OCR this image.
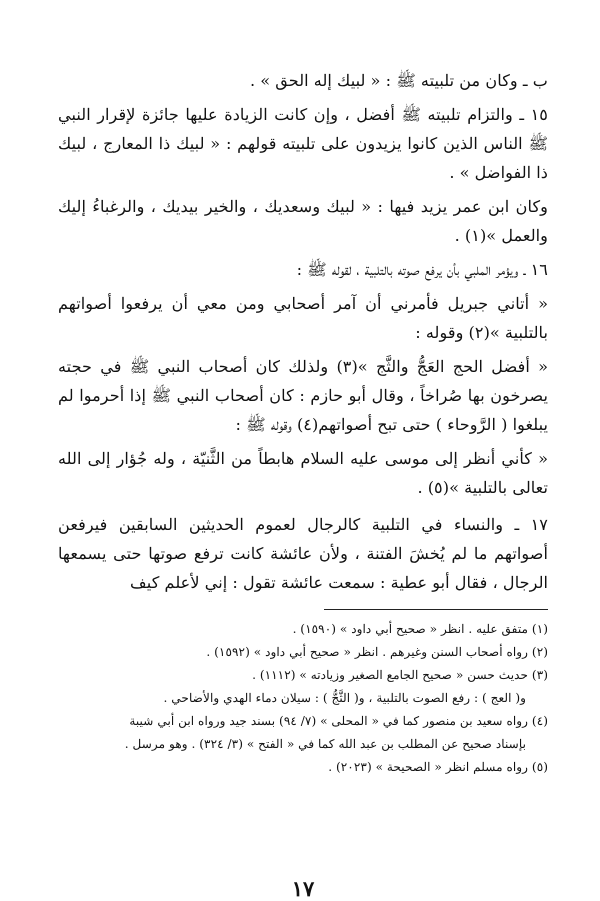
ب ـ وكان من تلبيته ﷺ : « لبيك إله الحق » .

١٥ ـ والتزام تلبيته ﷺ أفضل ، وإن كانت الزيادة عليها جائزة لإقرار النبي ﷺ الناس الذين كانوا يزيدون على تلبيته قولهم : « لبيك ذا المعارج ، لبيك ذا الفواضل » .

وكان ابن عمر يزيد فيها : « لبيك وسعديك ، والخير بيديك ، والرغباءُ إليك والعمل »(١) .

١٦ ـ ويؤمر الملبي بأن يرفع صوته بالتلبية ، لقوله ﷺ :

« أتاني جبريل فأمرني أن آمر أصحابي ومن معي أن يرفعوا أصواتهم بالتلبية »(٢) وقوله :

« أفضل الحج العَجُّ والثَّج »(٣) ولذلك كان أصحاب النبي ﷺ في حجته يصرخون بها صُراخاً ، وقال أبو حازم : كان أصحاب النبي ﷺ إذا أحرموا لم يبلغوا ( الرَّوحاء ) حتى تبح أصواتهم(٤) وقوله ﷺ :

« كأني أنظر إلى موسى عليه السلام هابطاً من الثَّنيّة ، وله جُؤار إلى الله تعالى بالتلبية »(٥) .

١٧ ـ والنساء في التلبية كالرجال لعموم الحديثين السابقين فيرفعن أصواتهم ما لم يُخشَ الفتنة ، ولأن عائشة كانت ترفع صوتها حتى يسمعها الرجال ، فقال أبو عطية : سمعت عائشة تقول : إني لأعلم كيف

(١) متفق عليه . انظر « صحيح أبي داود » (١٥٩٠) .

(٢) رواه أصحاب السنن وغيرهم . انظر « صحيح أبي داود » (١٥٩٢) .

(٣) حديث حسن « صحيح الجامع الصغير وزيادته » (١١١٢) .

و( العج ) : رفع الصوت بالتلبية ، و( الثَّجُّ ) : سيلان دماء الهدي والأضاحي .

(٤) رواه سعيد بن منصور كما في « المحلى » (٧/ ٩٤) بسند جيد ورواه ابن أبي شيبة

بإسناد صحيح عن المطلب بن عبد الله كما في « الفتح » (٣/ ٣٢٤) . وهو مرسل .

(٥) رواه مسلم انظر « الصحيحة » (٢٠٢٣) .

١٧
